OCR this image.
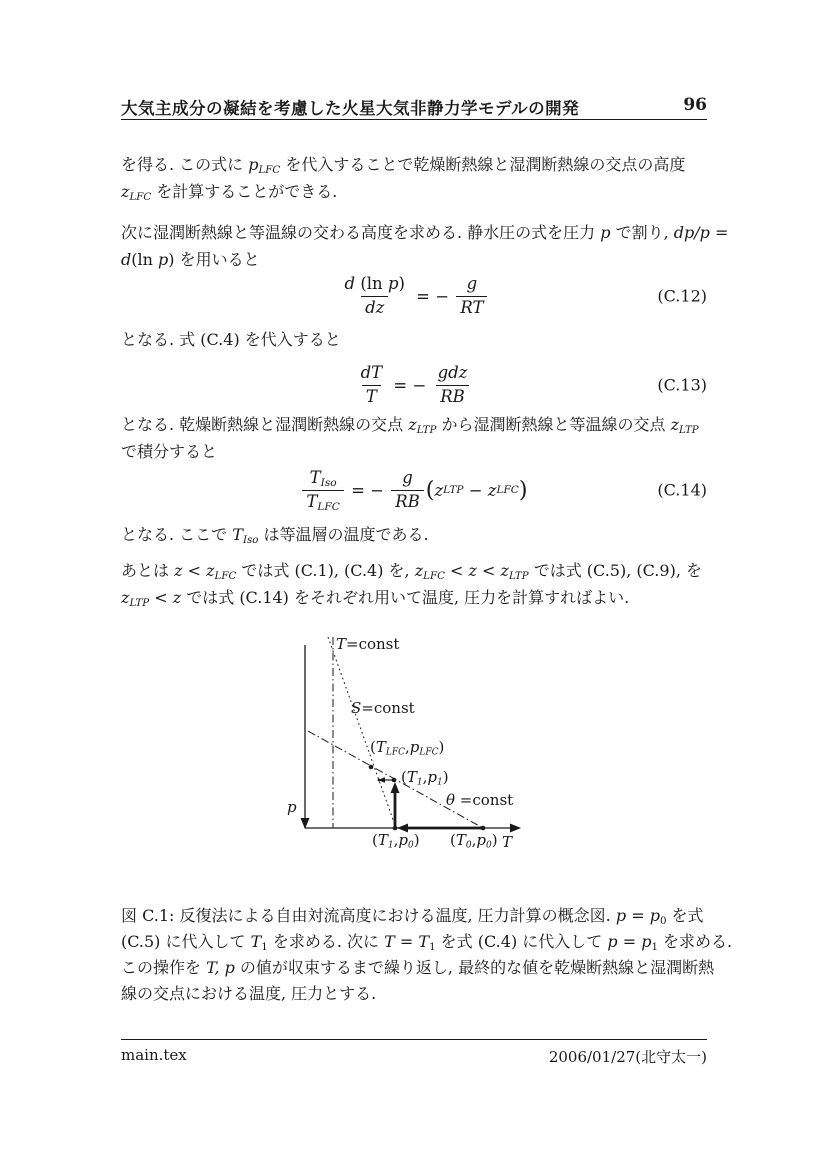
大気主成分の凝結を考慮した火星大気非静力学モデルの開発	96
を得る. この式に $p_{LFC}$ を代入することで乾燥断熱線と湿潤断熱線の交点の高度
$z_{LFC}$ を計算することができる.
次に湿潤断熱線と等温線の交わる高度を求める. 静水圧の式を圧力 p で割り, dp/p =
d(ln p) を用いると
$\frac{\text{d (ln p)}}{dz}$ = − $\frac{g}{RT}$	(C.12)
となる. 式 (C.4) を代入すると
$\frac{dT}{T}$ = − $\frac{\text{gdz}}{RB}$	(C.13)
となる. 乾燥断熱線と湿潤断熱線の交点 $z_{LTP}$ から湿潤断熱線と等温線の交点 $z_{LTP}$
で積分すると
$\frac{T_{Iso}}{T_{LFC}}$ = − $\frac{g}{RB}$ ( z LTP − z LFC )	(C.14)
となる. ここで $T_{Iso}$ は等温層の温度である.
あとは $z < z_{LFC}$ では式 (C.1), (C.4) を, $z_{LFC} < z < z_{LTP}$ では式 (C.5), (C.9), を
$z_{LTP} < z$ では式 (C.14) をそれぞれ用いて温度, 圧力を計算すればよい.
T=const
S=const
$(T_{LFC},p_{LFC})$
$(T_1,p_1)$
θ =const
p
$(T_1,p_0)$ $(T_0,p_0)$ T
図 C.1: 反復法による自由対流高度における温度, 圧力計算の概念図. $p = p_0$ を式
(C.5) に代入して $T_1$ を求める. 次に $T = T_1$ を式 (C.4) に代入して $p = p_1$ を求める.
この操作を T, p の値が収束するまで繰り返し, 最終的な値を乾燥断熱線と湿潤断熱
線の交点における温度, 圧力とする.
main.tex	2006/01/27(北守太一)
